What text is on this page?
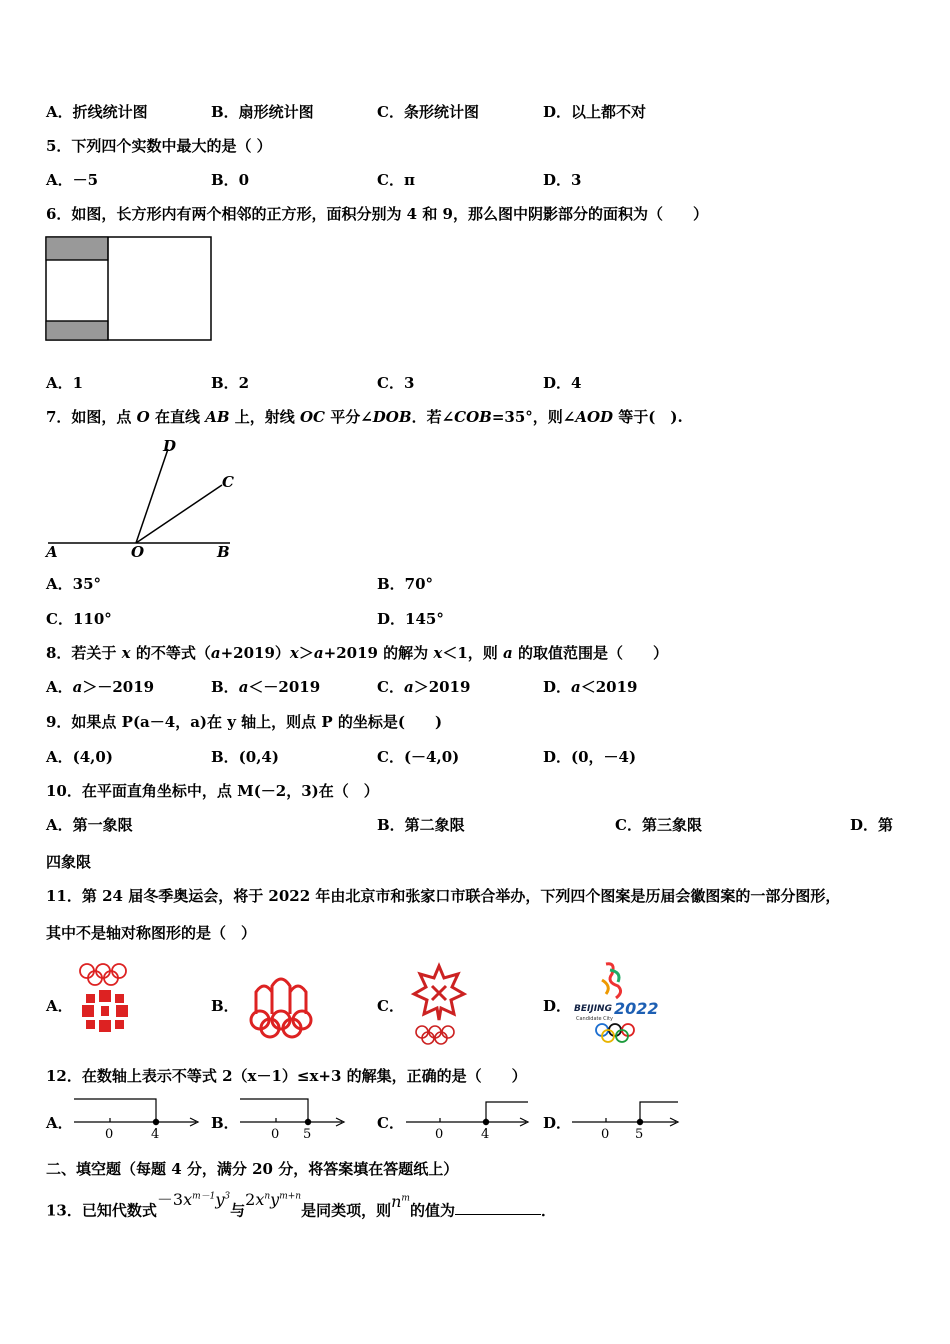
A．折线统计图	B．扇形统计图	C．条形统计图	D．以上都不对
5．下列四个实数中最大的是（ ）
A．－5	B．0	C．π	D．3
6．如图，长方形内有两个相邻的正方形，面积分别为 4 和 9，那么图中阴影部分的面积为（　　）
A．1	B．2	C．3	D．4
7．如图，点 O 在直线 AB 上，射线 OC 平分∠DOB．若∠COB=35°，则∠AOD 等于(　).
D
C
A	O	B
A．35°	B．70°
C．110°	D．145°
8．若关于 x 的不等式（a+2019）x＞a+2019 的解为 x＜1，则 a 的取值范围是（　　）
A．a＞－2019	B．a＜－2019	C．a＞2019	D．a＜2019
9．如果点 P(a－4，a)在 y 轴上，则点 P 的坐标是(　　)
A．(4,0)	B．(0,4)	C．(－4,0)	D．(0，－4)
10．在平面直角坐标中，点 M(－2，3)在（　）
A．第一象限	B．第二象限	C．第三象限	D．第
四象限
11．第 24 届冬季奥运会，将于 2022 年由北京市和张家口市联合举办，下列四个图案是历届会徽图案的一部分图形，
其中不是轴对称图形的是（　）
A．	B．	C．	D． BEIJING 2022
Candidate City
12．在数轴上表示不等式 2（x－1）≤x+3 的解集，正确的是（　　）
A．
0	4
B．
0 5
C．
0	4
D．
0 5
二、填空题（每题 4 分，满分 20 分，将答案填在答题纸上）
13．已知代数式$-3x^{m-1}y^3$与$2x^ny^{m+n}$是同类项，则$n^m$的值为	．
